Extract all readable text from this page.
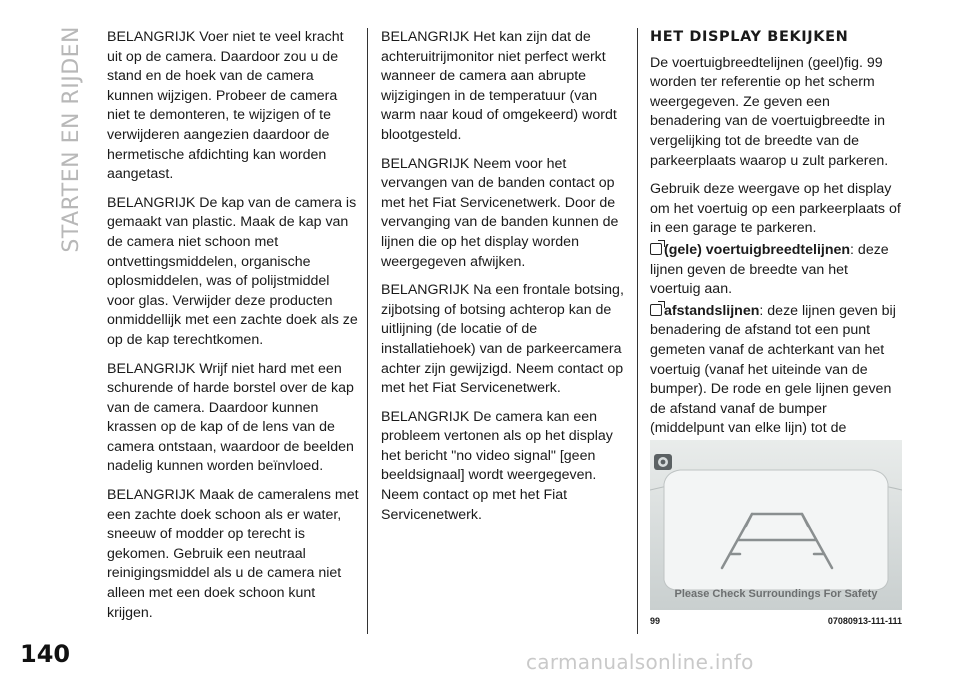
STARTEN EN RIJDEN
140

BELANGRIJK Voer niet te veel kracht uit op de camera. Daardoor zou u de stand en de hoek van de camera kunnen wijzigen. Probeer de camera niet te demonteren, te wijzigen of te verwijderen aangezien daardoor de hermetische afdichting kan worden aangetast.

BELANGRIJK De kap van de camera is gemaakt van plastic. Maak de kap van de camera niet schoon met ontvettingsmiddelen, organische oplosmiddelen, was of polijstmiddel voor glas. Verwijder deze producten onmiddellijk met een zachte doek als ze op de kap terechtkomen.

BELANGRIJK Wrijf niet hard met een schurende of harde borstel over de kap van de camera. Daardoor kunnen krassen op de kap of de lens van de camera ontstaan, waardoor de beelden nadelig kunnen worden beïnvloed.

BELANGRIJK Maak de cameralens met een zachte doek schoon als er water, sneeuw of modder op terecht is gekomen. Gebruik een neutraal reinigingsmiddel als u de camera niet alleen met een doek schoon kunt krijgen.

BELANGRIJK Het kan zijn dat de achteruitrijmonitor niet perfect werkt wanneer de camera aan abrupte wijzigingen in de temperatuur (van warm naar koud of omgekeerd) wordt blootgesteld.

BELANGRIJK Neem voor het vervangen van de banden contact op met het Fiat Servicenetwerk. Door de vervanging van de banden kunnen de lijnen die op het display worden weergegeven afwijken.

BELANGRIJK Na een frontale botsing, zijbotsing of botsing achterop kan de uitlijning (de locatie of de installatiehoek) van de parkeercamera achter zijn gewijzigd. Neem contact op met het Fiat Servicenetwerk.

BELANGRIJK De camera kan een probleem vertonen als op het display het bericht "no video signal" [geen beeldsignaal] wordt weergegeven. Neem contact op met het Fiat Servicenetwerk.

HET DISPLAY BEKIJKEN

De voertuigbreedtelijnen (geel)fig. 99 worden ter referentie op het scherm weergegeven. Ze geven een benadering van de voertuigbreedte in vergelijking tot de breedte van de parkeerplaats waarop u zult parkeren.

Gebruik deze weergave op het display om het voertuig op een parkeerplaats of in een garage te parkeren.

(gele) voertuigbreedtelijnen: deze lijnen geven de breedte van het voertuig aan.
afstandslijnen: deze lijnen geven bij benadering de afstand tot een punt gemeten vanaf de achterkant van het voertuig (vanaf het uiteinde van de bumper). De rode en gele lijnen geven de afstand vanaf de bumper (middelpunt van elke lijn) tot de
Please Check Surroundings For Safety
99	07080913-111-111
carmanualsonline.info
